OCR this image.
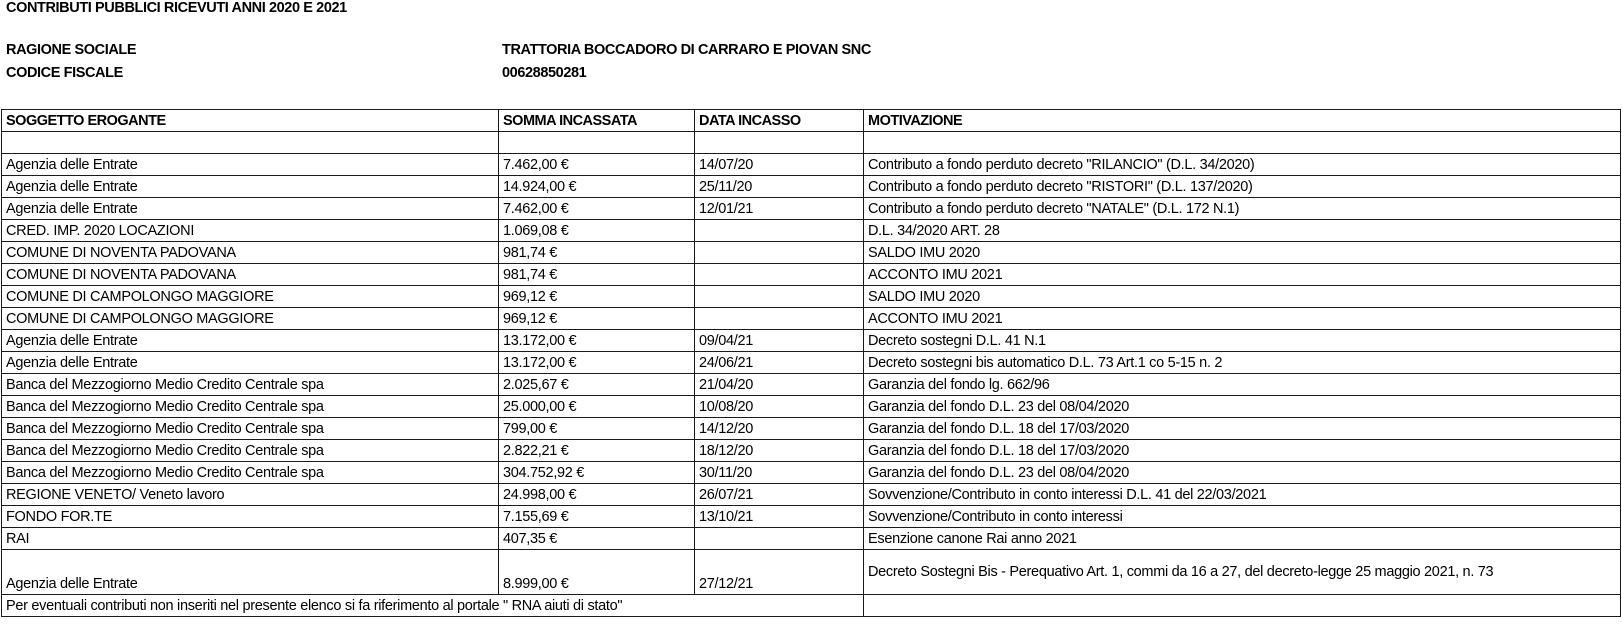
CONTRIBUTI PUBBLICI RICEVUTI ANNI 2020 E 2021
RAGIONE SOCIALE	TRATTORIA BOCCADORO DI CARRARO E PIOVAN SNC
CODICE FISCALE	00628850281
SOGGETTO EROGANTE	SOMMA INCASSATA	DATA INCASSO	MOTIVAZIONE

Agenzia delle Entrate	7.462,00 €	14/07/20	Contributo a fondo perduto decreto "RILANCIO" (D.L. 34/2020)
Agenzia delle Entrate	14.924,00 €	25/11/20	Contributo a fondo perduto decreto "RISTORI" (D.L. 137/2020)
Agenzia delle Entrate	7.462,00 €	12/01/21	Contributo a fondo perduto decreto "NATALE" (D.L. 172 N.1)
CRED. IMP. 2020 LOCAZIONI	1.069,08 €		D.L. 34/2020 ART. 28
COMUNE DI NOVENTA PADOVANA	981,74 €		SALDO IMU 2020
COMUNE DI NOVENTA PADOVANA	981,74 €		ACCONTO IMU 2021
COMUNE DI CAMPOLONGO MAGGIORE	969,12 €		SALDO IMU 2020
COMUNE DI CAMPOLONGO MAGGIORE	969,12 €		ACCONTO IMU 2021
Agenzia delle Entrate	13.172,00 €	09/04/21	Decreto sostegni D.L. 41 N.1
Agenzia delle Entrate	13.172,00 €	24/06/21	Decreto sostegni bis automatico D.L. 73 Art.1 co 5-15 n. 2
Banca del Mezzogiorno Medio Credito Centrale spa	2.025,67 €	21/04/20	Garanzia del fondo lg. 662/96
Banca del Mezzogiorno Medio Credito Centrale spa	25.000,00 €	10/08/20	Garanzia del fondo D.L. 23 del 08/04/2020
Banca del Mezzogiorno Medio Credito Centrale spa	799,00 €	14/12/20	Garanzia del fondo D.L. 18 del 17/03/2020
Banca del Mezzogiorno Medio Credito Centrale spa	2.822,21 €	18/12/20	Garanzia del fondo D.L. 18 del 17/03/2020
Banca del Mezzogiorno Medio Credito Centrale spa	304.752,92 €	30/11/20	Garanzia del fondo D.L. 23 del 08/04/2020
REGIONE VENETO/ Veneto lavoro	24.998,00 €	26/07/21	Sovvenzione/Contributo in conto interessi D.L. 41 del 22/03/2021
FONDO FOR.TE	7.155,69 €	13/10/21	Sovvenzione/Contributo in conto interessi
RAI	407,35 €		Esenzione canone Rai anno 2021
Agenzia delle Entrate	8.999,00 €	27/12/21	Decreto Sostegni Bis - Perequativo Art. 1, commi da 16 a 27, del decreto-legge 25 maggio 2021, n. 73
Per eventuali contributi non inseriti nel presente elenco si fa riferimento al portale " RNA aiuti di stato"			
